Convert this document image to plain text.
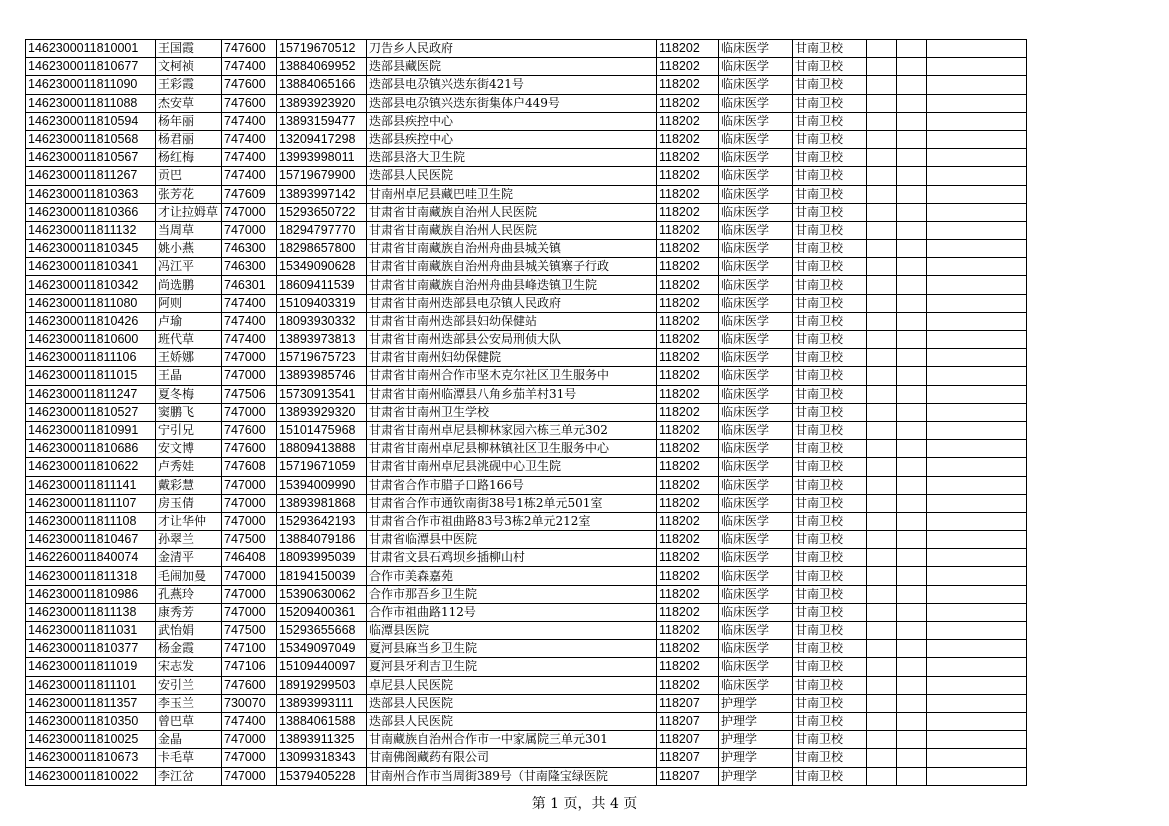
1462300011810001	王国霞	747600	15719670512	刀告乡人民政府	118202	临床医学	甘南卫校			
1462300011810677	文柯祯	747400	13884069952	迭部县藏医院	118202	临床医学	甘南卫校			
1462300011811090	王彩霞	747600	13884065166	迭部县电尕镇兴迭东街421号	118202	临床医学	甘南卫校			
1462300011811088	杰安草	747600	13893923920	迭部县电尕镇兴迭东街集体户449号	118202	临床医学	甘南卫校			
1462300011810594	杨年丽	747400	13893159477	迭部县疾控中心	118202	临床医学	甘南卫校			
1462300011810568	杨君丽	747400	13209417298	迭部县疾控中心	118202	临床医学	甘南卫校			
1462300011810567	杨红梅	747400	13993998011	迭部县洛大卫生院	118202	临床医学	甘南卫校			
1462300011811267	贡巴	747400	15719679900	迭部县人民医院	118202	临床医学	甘南卫校			
1462300011810363	张芳花	747609	13893997142	甘南州卓尼县藏巴哇卫生院	118202	临床医学	甘南卫校			
1462300011810366	才让拉姆草	747000	15293650722	甘肃省甘南藏族自治州人民医院	118202	临床医学	甘南卫校			
1462300011811132	当周草	747000	18294797770	甘肃省甘南藏族自治州人民医院	118202	临床医学	甘南卫校			
1462300011810345	姚小燕	746300	18298657800	甘肃省甘南藏族自治州舟曲县城关镇	118202	临床医学	甘南卫校			
1462300011810341	冯江平	746300	15349090628	甘肃省甘南藏族自治州舟曲县城关镇寨子行政	118202	临床医学	甘南卫校			
1462300011810342	尚选鹏	746301	18609411539	甘肃省甘南藏族自治州舟曲县峰迭镇卫生院	118202	临床医学	甘南卫校			
1462300011811080	阿则	747400	15109403319	甘肃省甘南州迭部县电尕镇人民政府	118202	临床医学	甘南卫校			
1462300011810426	卢瑜	747400	18093930332	甘肃省甘南州迭部县妇幼保健站	118202	临床医学	甘南卫校			
1462300011810600	班代草	747400	13893973813	甘肃省甘南州迭部县公安局刑侦大队	118202	临床医学	甘南卫校			
1462300011811106	王娇娜	747000	15719675723	甘肃省甘南州妇幼保健院	118202	临床医学	甘南卫校			
1462300011811015	王晶	747000	13893985746	甘肃省甘南州合作市坚木克尔社区卫生服务中	118202	临床医学	甘南卫校			
1462300011811247	夏冬梅	747506	15730913541	甘肃省甘南州临潭县八角乡茄羊村31号	118202	临床医学	甘南卫校			
1462300011810527	窦鹏飞	747000	13893929320	甘肃省甘南州卫生学校	118202	临床医学	甘南卫校			
1462300011810991	宁引兄	747600	15101475968	甘肃省甘南州卓尼县柳林家园六栋三单元302	118202	临床医学	甘南卫校			
1462300011810686	安文博	747600	18809413888	甘肃省甘南州卓尼县柳林镇社区卫生服务中心	118202	临床医学	甘南卫校			
1462300011810622	卢秀娃	747608	15719671059	甘肃省甘南州卓尼县洮砚中心卫生院	118202	临床医学	甘南卫校			
1462300011811141	戴彩慧	747000	15394009990	甘肃省合作市腊子口路166号	118202	临床医学	甘南卫校			
1462300011811107	房玉倩	747000	13893981868	甘肃省合作市通钦南街38号1栋2单元501室	118202	临床医学	甘南卫校			
1462300011811108	才让华仲	747000	15293642193	甘肃省合作市祖曲路83号3栋2单元212室	118202	临床医学	甘南卫校			
1462300011810467	孙翠兰	747500	13884079186	甘肃省临潭县中医院	118202	临床医学	甘南卫校			
1462260011840074	金清平	746408	18093995039	甘肃省文县石鸡坝乡插柳山村	118202	临床医学	甘南卫校			
1462300011811318	毛闹加曼	747000	18194150039	合作市美森嘉苑	118202	临床医学	甘南卫校			
1462300011810986	孔燕玲	747000	15390630062	合作市那吾乡卫生院	118202	临床医学	甘南卫校			
1462300011811138	康秀芳	747000	15209400361	合作市祖曲路112号	118202	临床医学	甘南卫校			
1462300011811031	武怡娟	747500	15293655668	临潭县医院	118202	临床医学	甘南卫校			
1462300011810377	杨金霞	747100	15349097049	夏河县麻当乡卫生院	118202	临床医学	甘南卫校			
1462300011811019	宋志发	747106	15109440097	夏河县牙利吉卫生院	118202	临床医学	甘南卫校			
1462300011811101	安引兰	747600	18919299503	卓尼县人民医院	118202	临床医学	甘南卫校			
1462300011811357	李玉兰	730070	13893993111	迭部县人民医院	118207	护理学	甘南卫校			
1462300011810350	曾巴草	747400	13884061588	迭部县人民医院	118207	护理学	甘南卫校			
1462300011810025	金晶	747000	13893911325	甘南藏族自治州合作市一中家属院三单元301	118207	护理学	甘南卫校			
1462300011810673	卡毛草	747000	13099318343	甘南佛阁藏药有限公司	118207	护理学	甘南卫校			
1462300011810022	李江岔	747000	15379405228	甘南州合作市当周街389号（甘南隆宝绿医院	118207	护理学	甘南卫校			
第 1 页，共 4 页
